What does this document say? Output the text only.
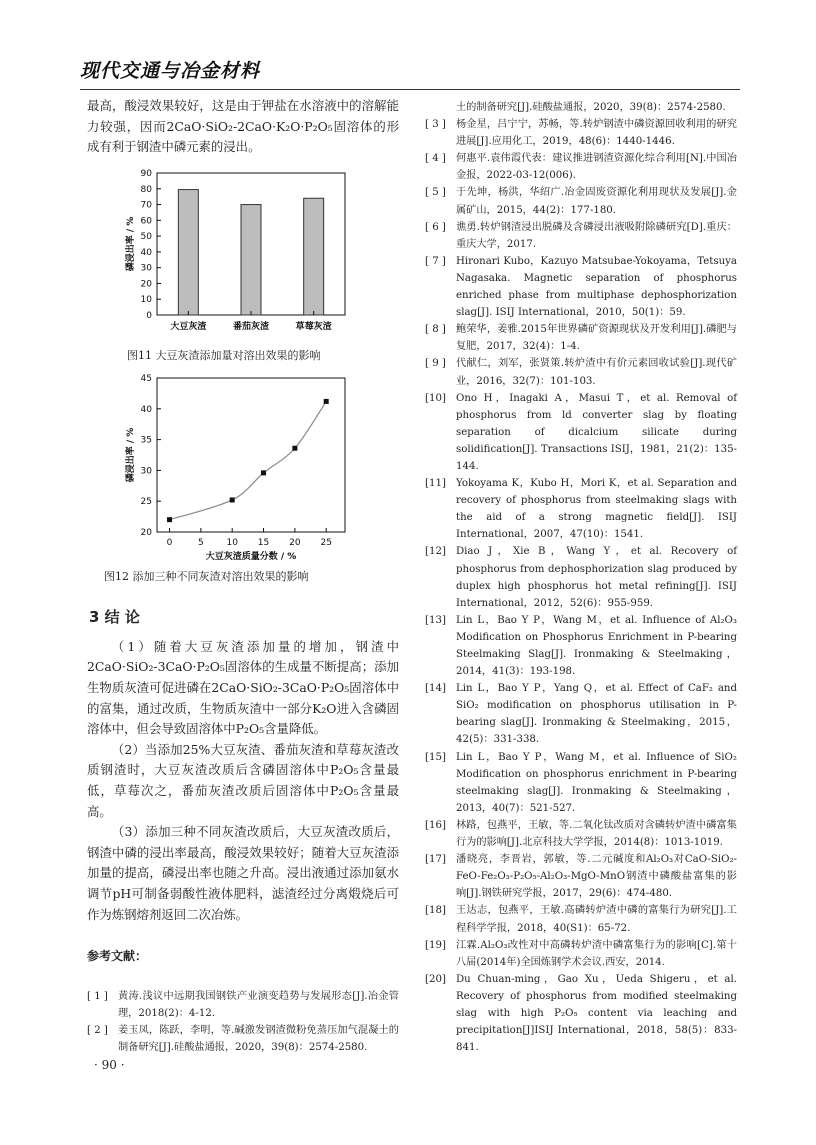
现代交通与冶金材料

最高，酸浸效果较好，这是由于钾盐在水溶液中的溶解能力较强，因而2CaO·SiO₂-2CaO·K₂O·P₂O₅固溶体的形成有利于钢渣中磷元素的浸出。

0
10
20
30
40
50
60
70
80
90
大豆灰渣	番茄灰渣	草莓灰渣
磷浸出率 / %
图11 大豆灰渣添加量对溶出效果的影响
20
25
30
35
40
45
0	5	10 15 20 25
大豆灰渣质量分数 / %
磷浸出率 / %
图12 添加三种不同灰渣对溶出效果的影响
3 结 论

（1）随着大豆灰渣添加量的增加，钢渣中2CaO·SiO₂-3CaO·P₂O₅固溶体的生成量不断提高；添加生物质灰渣可促进磷在2CaO·SiO₂-3CaO·P₂O₅固溶体中的富集，通过改质，生物质灰渣中一部分K₂O进入含磷固溶体中，但会导致固溶体中P₂O₅含量降低。

（2）当添加25%大豆灰渣、番茄灰渣和草莓灰渣改质钢渣时，大豆灰渣改质后含磷固溶体中P₂O₅含量最低，草莓次之，番茄灰渣改质后固溶体中P₂O₅含量最高。

（3）添加三种不同灰渣改质后，大豆灰渣改质后，钢渣中磷的浸出率最高，酸浸效果较好；随着大豆灰渣添加量的提高，磷浸出率也随之升高。浸出液通过添加氨水调节pH可制备弱酸性液体肥料，滤渣经过分离煅烧后可作为炼钢熔剂返回二次冶炼。

参考文献：
[ 1 ] 黄涛.浅议中远期我国钢铁产业演变趋势与发展形态[J].冶金管理，2018(2)：4-12.
[ 2 ] 姜玉凤，陈跃，李明，等.碱激发钢渣微粉免蒸压加气混凝土的制备研究[J].硅酸盐通报，2020，39(8)：2574-2580.
土的制备研究[J].硅酸盐通报，2020，39(8)：2574-2580.
[ 3 ] 杨金星，吕宁宁，苏畅，等.转炉钢渣中磷资源回收利用的研究进展[J].应用化工，2019，48(6)：1440-1446.
[ 4 ] 何惠平.袁伟霞代表：建议推进钢渣资源化综合利用[N].中国冶金报，2022-03-12(006).
[ 5 ] 于先坤，杨洪，华绍广.冶金固废资源化利用现状及发展[J].金属矿山，2015，44(2)：177-180.
[ 6 ] 谯勇.转炉钢渣浸出脱磷及含磷浸出液吸附除磷研究[D].重庆：重庆大学，2017.
[ 7 ] Hironari Kubo，Kazuyo Matsubae-Yokoyama，Tetsuya Nagasaka. Magnetic separation of phosphorus enriched phase from multiphase dephosphorization slag[J]. ISIJ International，2010，50(1)：59.
[ 8 ] 鲍荣华，姜雅.2015年世界磷矿资源现状及开发利用[J].磷肥与复肥，2017，32(4)：1-4.
[ 9 ] 代献仁，刘军，张贤策.转炉渣中有价元素回收试验[J].现代矿业，2016，32(7)：101-103.
[10] Ono H，Inagaki A，Masui T，et al. Removal of phosphorus from ld converter slag by floating separation of dicalcium silicate during solidification[J]. Transactions ISIJ，1981，21(2)：135-144.
[11] Yokoyama K，Kubo H，Mori K，et al. Separation and recovery of phosphorus from steelmaking slags with the aid of a strong magnetic field[J]. ISIJ International，2007，47(10)：1541.
[12] Diao J，Xie B，Wang Y，et al. Recovery of phosphorus from dephosphorization slag produced by duplex high phosphorus hot metal refining[J]. ISIJ International，2012，52(6)：955-959.
[13] Lin L，Bao Y P，Wang M，et al. Influence of Al₂O₃ Modification on Phosphorus Enrichment in P-bearing Steelmaking Slag[J]. Ironmaking & Steelmaking，2014，41(3)：193-198.
[14] Lin L，Bao Y P，Yang Q，et al. Effect of CaF₂ and SiO₂ modification on phosphorus utilisation in P-bearing slag[J]. Ironmaking & Steelmaking，2015，42(5)：331-338.
[15] Lin L，Bao Y P，Wang M，et al. Influence of SiO₂ Modification on phosphorus enrichment in P-bearing steelmaking slag[J]. Ironmaking & Steelmaking，2013，40(7)：521-527.
[16] 林路，包燕平，王敏，等.二氧化钛改质对含磷转炉渣中磷富集行为的影响[J].北京科技大学学报，2014(8)：1013-1019.
[17] 潘晓亮，李晋岩，郭敏，等.二元碱度和Al₂O₃对CaO-SiO₂-FeO-Fe₂O₃-P₂O₅-Al₂O₃-MgO-MnO钢渣中磷酸盐富集的影响[J].钢铁研究学报，2017，29(6)：474-480.
[18] 王达志，包燕平，王敏.高磷转炉渣中磷的富集行为研究[J].工程科学学报，2018，40(S1)：65-72.
[19] 江霖.Al₂O₃改性对中高磷转炉渣中磷富集行为的影响[C].第十八届(2014年)全国炼钢学术会议.西安，2014.
[20] Du Chuan-ming，Gao Xu，Ueda Shigeru，et al. Recovery of phosphorus from modified steelmaking slag with high P₂O₅ content via leaching and precipitation[J]ISIJ International，2018，58(5)：833-841.
· 90 ·
